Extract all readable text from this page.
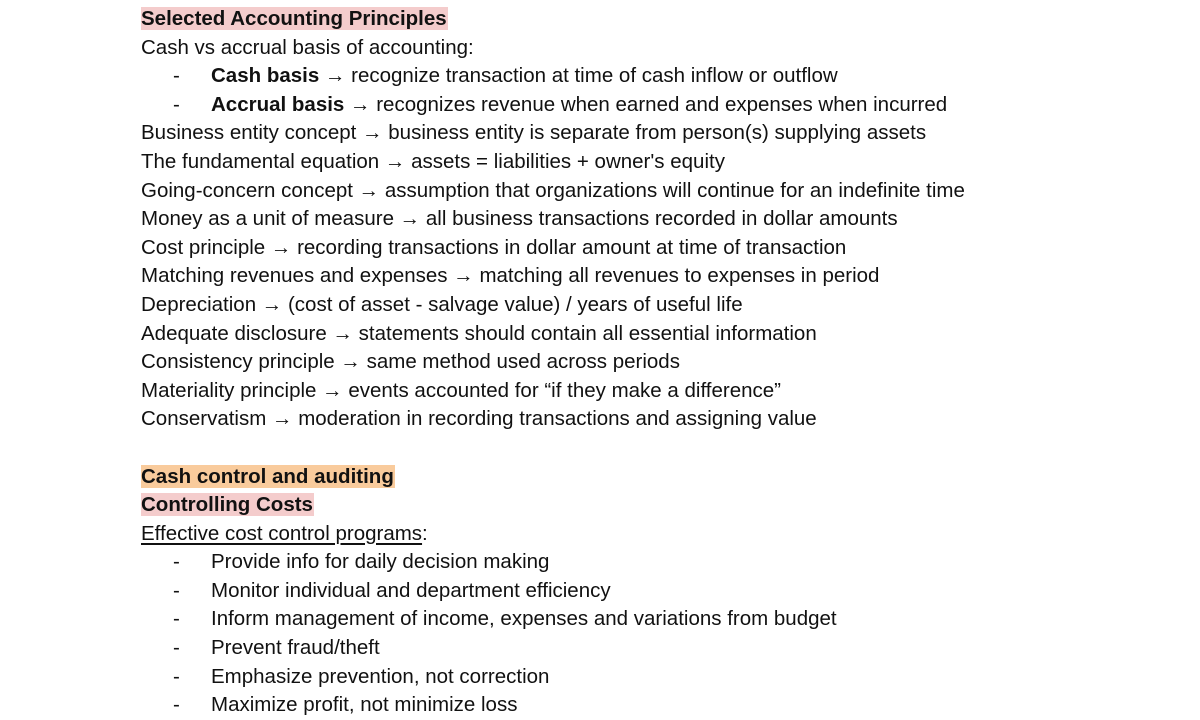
Selected Accounting Principles
Cash vs accrual basis of accounting:
- Cash basis → recognize transaction at time of cash inflow or outflow
- Accrual basis → recognizes revenue when earned and expenses when incurred
Business entity concept → business entity is separate from person(s) supplying assets
The fundamental equation → assets = liabilities + owner's equity
Going-concern concept → assumption that organizations will continue for an indefinite time
Money as a unit of measure → all business transactions recorded in dollar amounts
Cost principle → recording transactions in dollar amount at time of transaction
Matching revenues and expenses → matching all revenues to expenses in period
Depreciation → (cost of asset - salvage value) / years of useful life
Adequate disclosure → statements should contain all essential information
Consistency principle → same method used across periods
Materiality principle → events accounted for “if they make a difference”
Conservatism → moderation in recording transactions and assigning value
Cash control and auditing
Controlling Costs
Effective cost control programs:
- Provide info for daily decision making
- Monitor individual and department efficiency
- Inform management of income, expenses and variations from budget
- Prevent fraud/theft
- Emphasize prevention, not correction
- Maximize profit, not minimize loss
